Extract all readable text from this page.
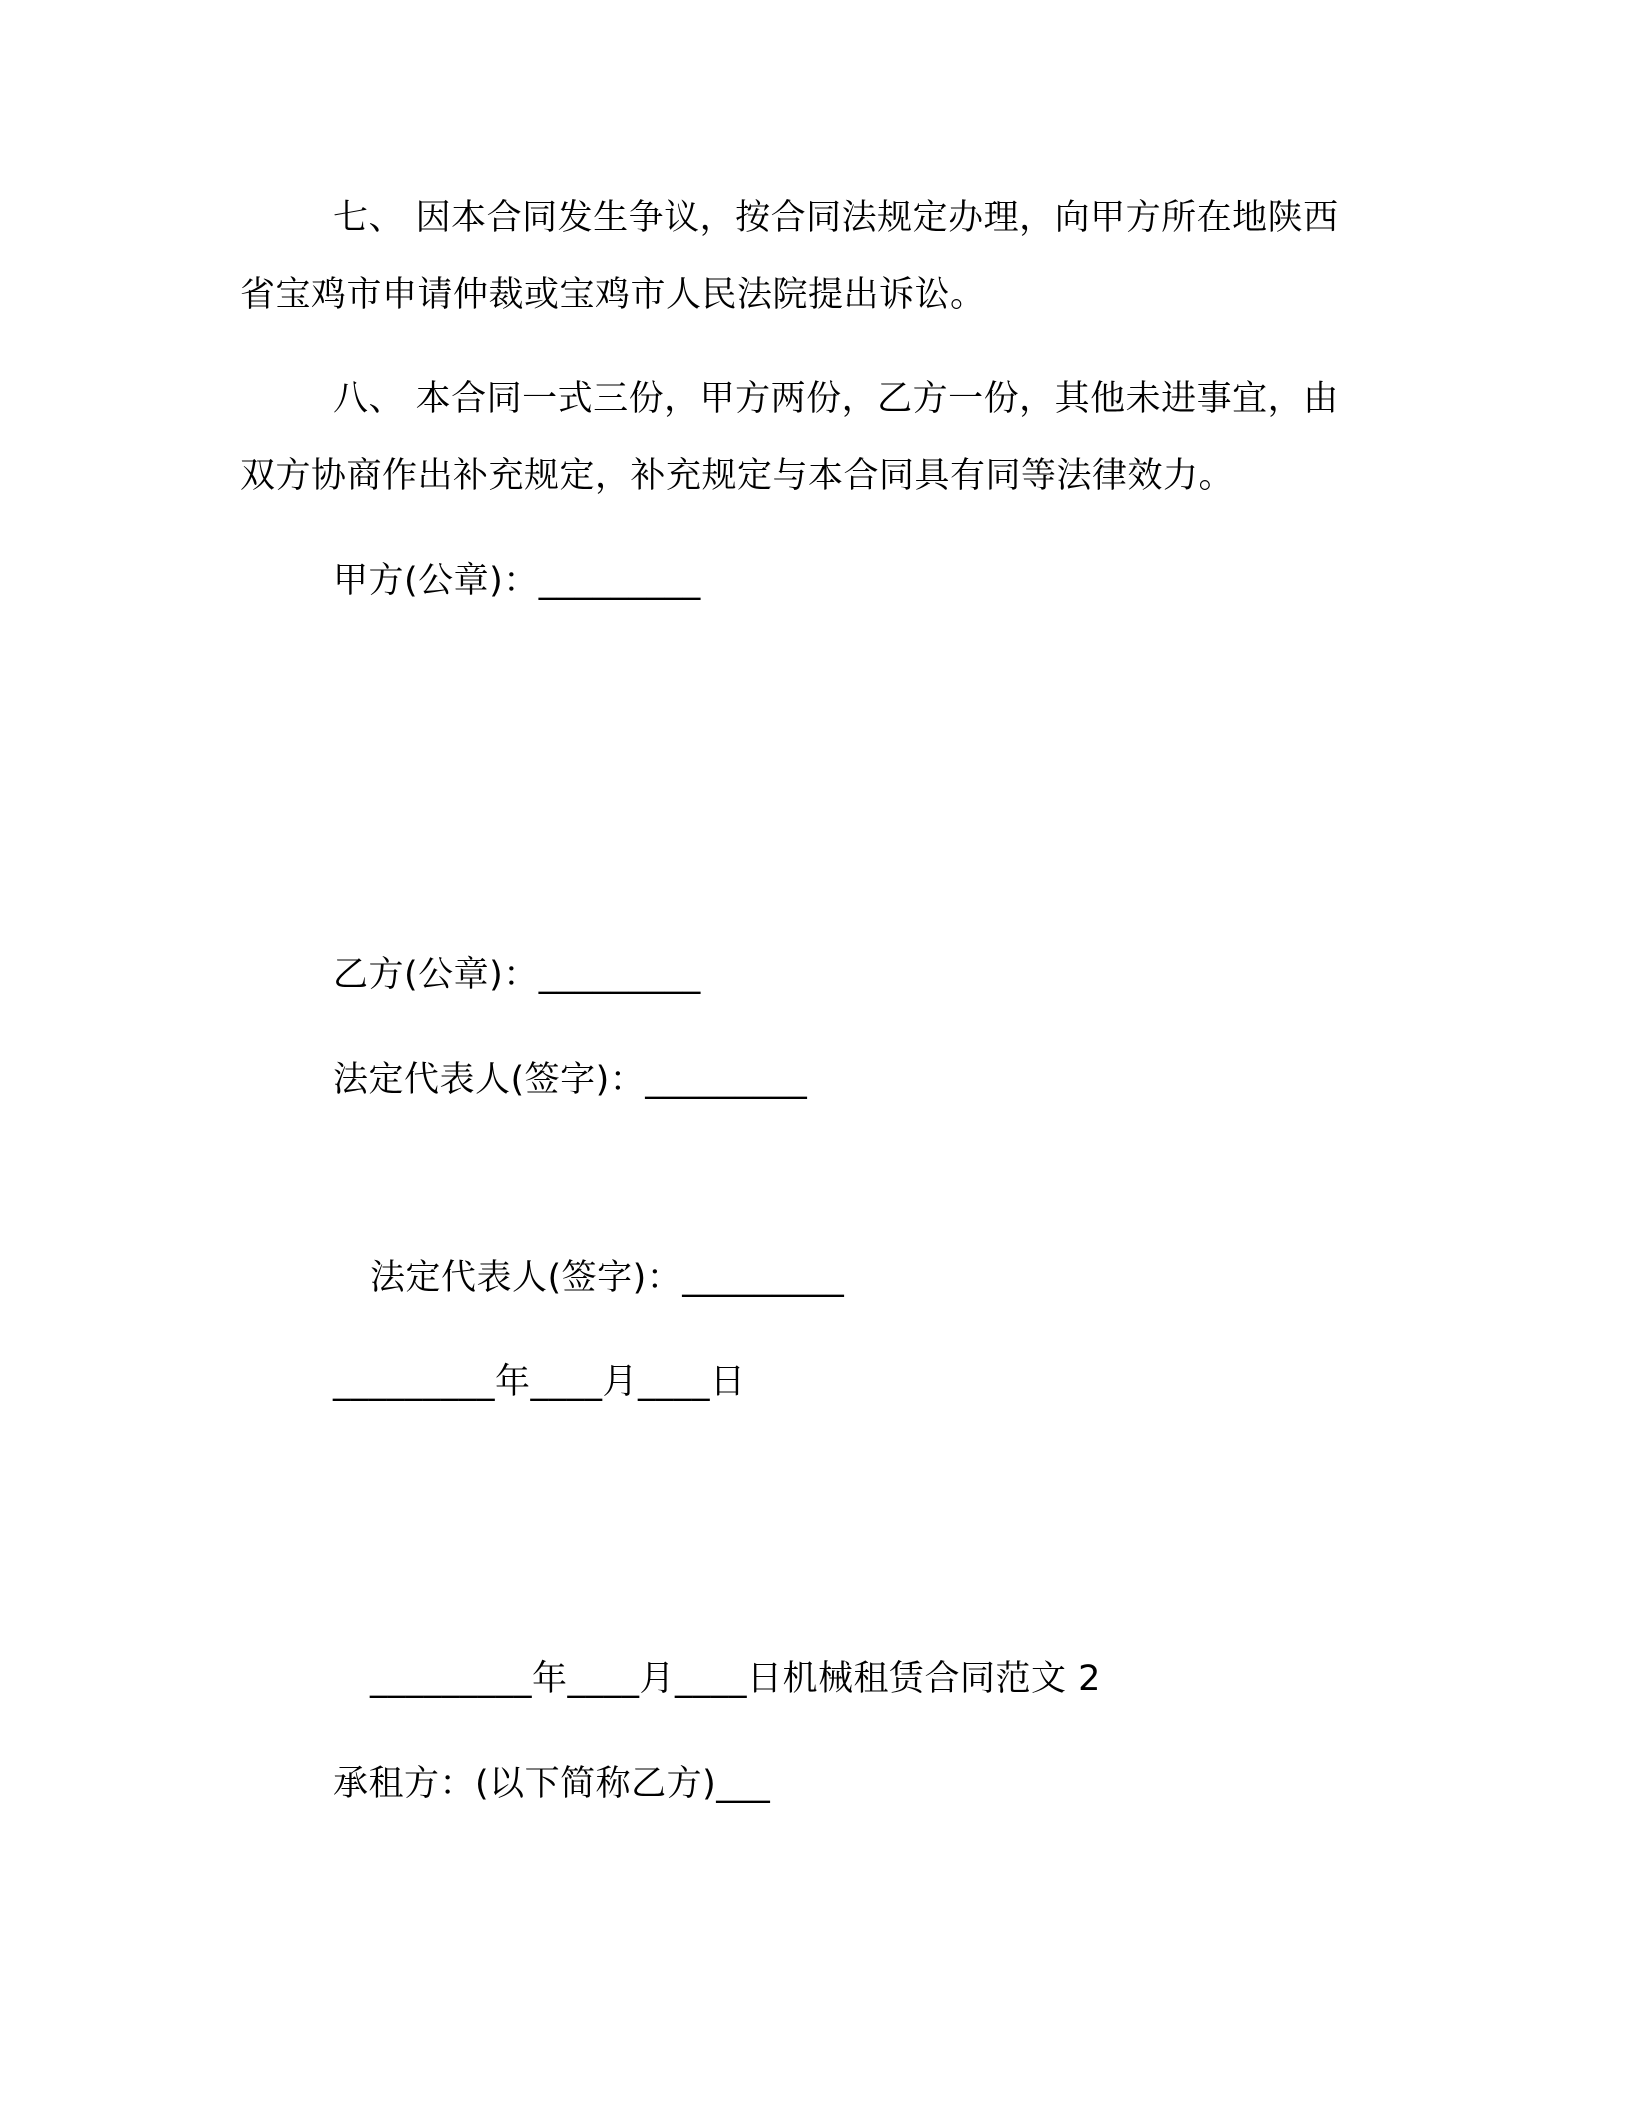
七、 因本合同发生争议，按合同法规定办理，向甲方所在地陕西
省宝鸡市申请仲裁或宝鸡市人民法院提出诉讼。
八、 本合同一式三份，甲方两份，乙方一份，其他未进事宜，由
双方协商作出补充规定，补充规定与本合同具有同等法律效力。
甲方(公章)：_________
乙方(公章)：_________
法定代表人(签字)：_________
法定代表人(签字)：_________
_________年____月____日
_________年____月____日机械租赁合同范文 2
承租方：(以下简称乙方)___
